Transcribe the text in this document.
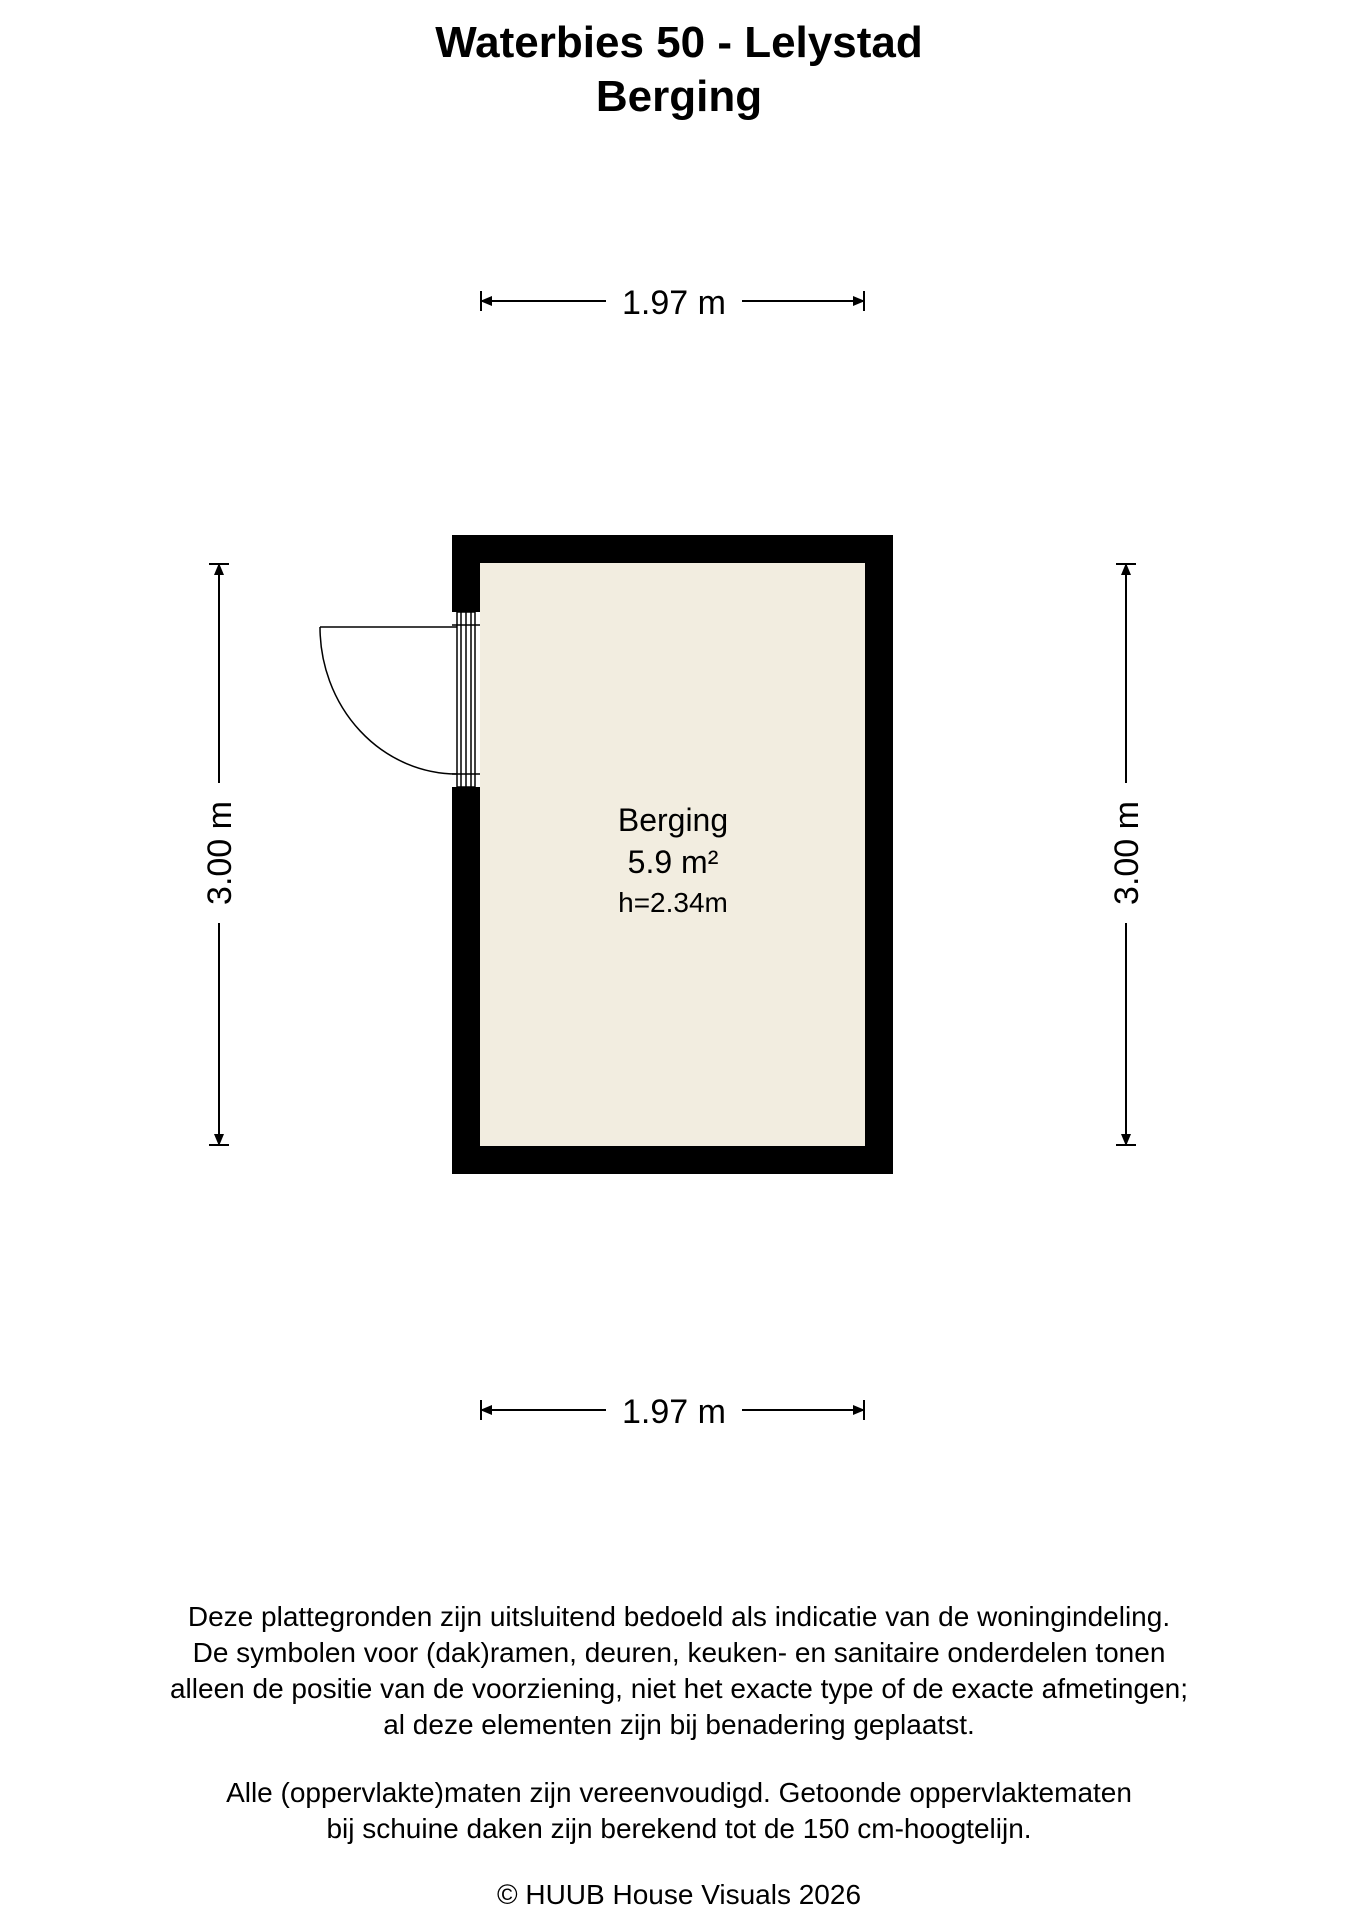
Waterbies 50 - Lelystad
Berging
Berging
5.9 m²
h=2.34m
1.97 m
1.97 m
3.00 m	3.00 m
Deze plattegronden zijn uitsluitend bedoeld als indicatie van de woningindeling.
De symbolen voor (dak)ramen, deuren, keuken- en sanitaire onderdelen tonen
alleen de positie van de voorziening, niet het exacte type of de exacte afmetingen;
al deze elementen zijn bij benadering geplaatst.
Alle (oppervlakte)maten zijn vereenvoudigd. Getoonde oppervlaktematen
bij schuine daken zijn berekend tot de 150 cm-hoogtelijn.
© HUUB House Visuals 2026
